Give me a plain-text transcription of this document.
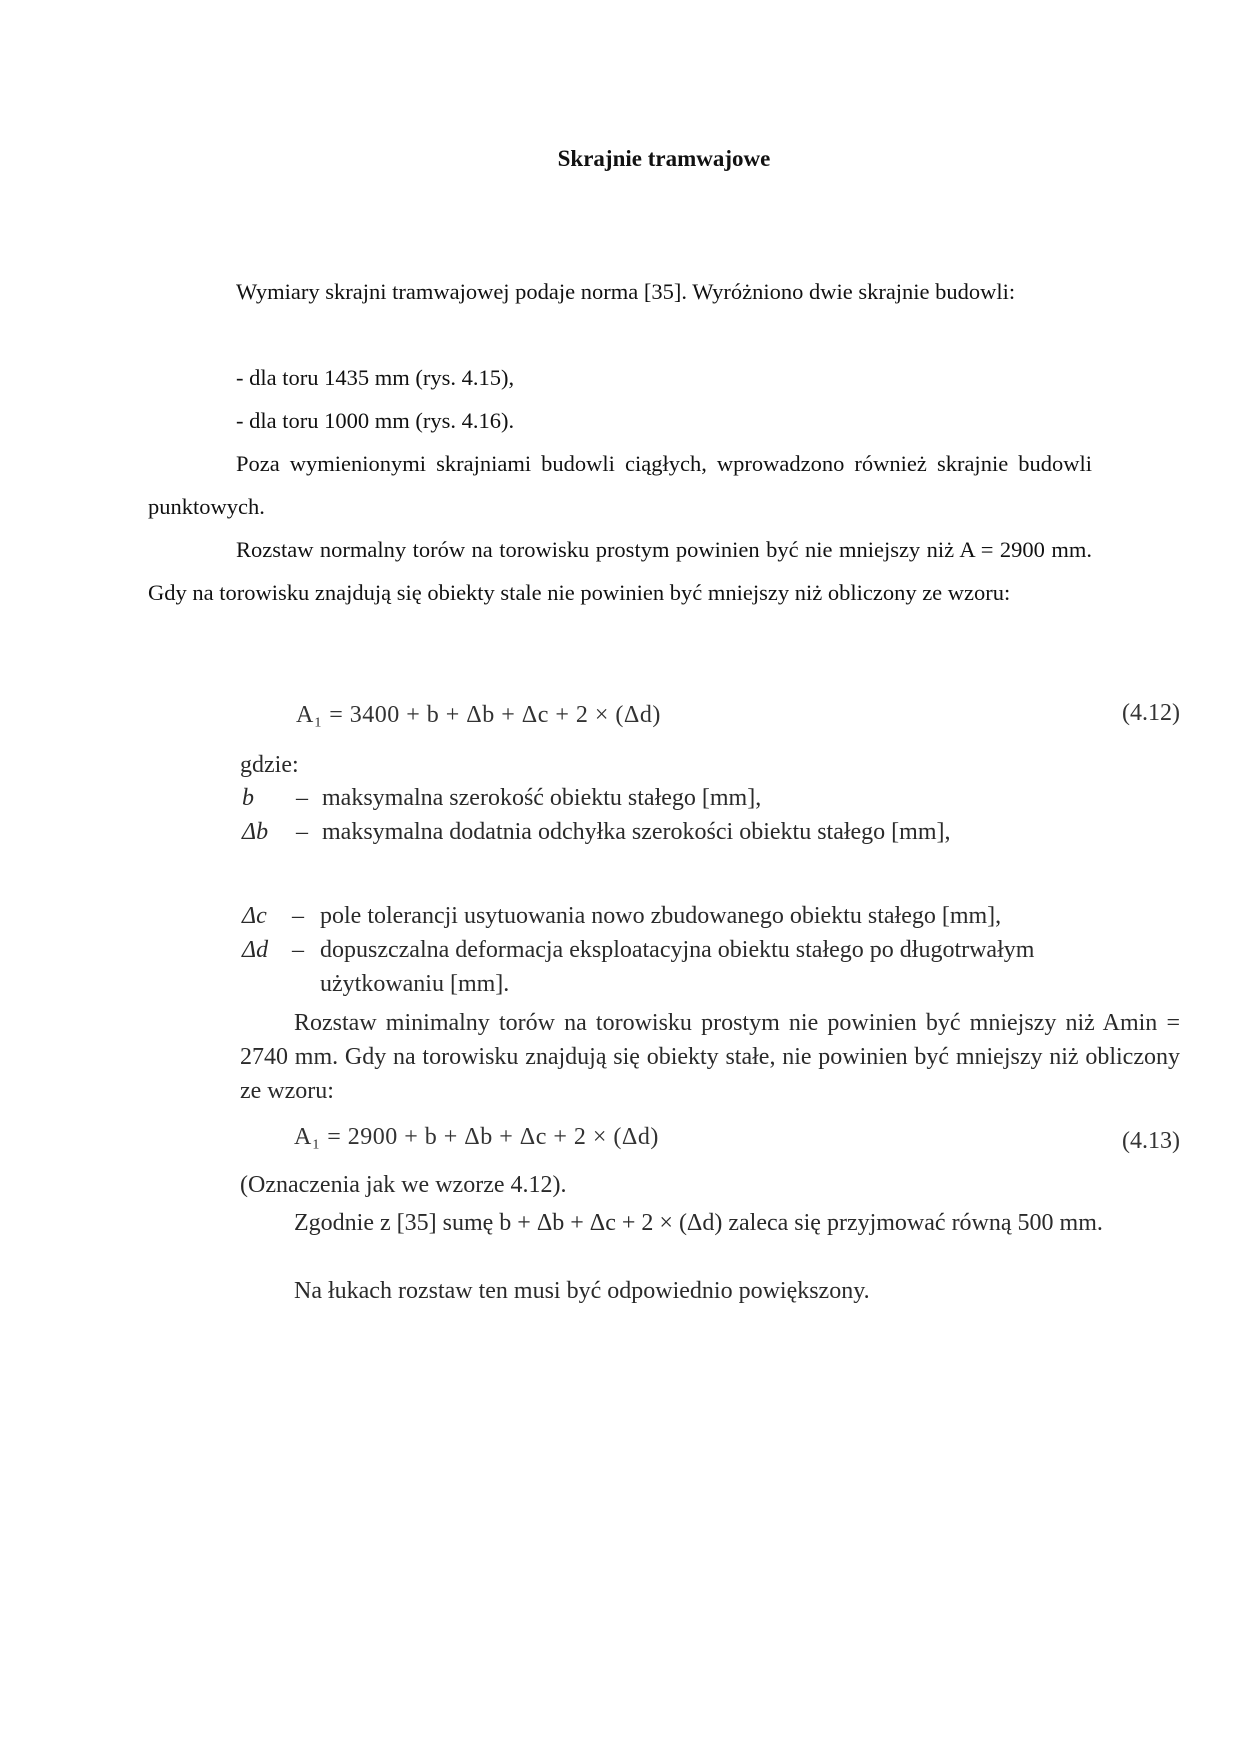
Skrajnie tramwajowe

Wymiary skrajni tramwajowej podaje norma [35]. Wyróżniono dwie skrajnie budowli:

- dla toru 1435 mm (rys. 4.15),

- dla toru 1000 mm (rys. 4.16).

Poza wymienionymi skrajniami budowli ciągłych, wprowadzono również skrajnie budowli punktowych.

Rozstaw normalny torów na torowisku prostym powinien być nie mniejszy niż A = 2900 mm. Gdy na torowisku znajdują się obiekty stale nie powinien być mniejszy niż obliczony ze wzoru:

A₁ = 3400 + b + Δb + Δc + 2 × (Δd)	(4.12)
gdzie:
b – maksymalna szerokość obiektu stałego [mm],
Δb – maksymalna dodatnia odchyłka szerokości obiektu stałego [mm],
Δc – pole tolerancji usytuowania nowo zbudowanego obiektu stałego [mm],
Δd – dopuszczalna deformacja eksploatacyjna obiektu stałego po długotrwałym
użytkowaniu [mm].

Rozstaw minimalny torów na torowisku prostym nie powinien być mniejszy niż Amin = 2740 mm. Gdy na torowisku znajdują się obiekty stałe, nie powinien być mniejszy niż obliczony ze wzoru:

A₁ = 2900 + b + Δb + Δc + 2 × (Δd)	(4.13)
(Oznaczenia jak we wzorze 4.12).

Zgodnie z [35] sumę b + Δb + Δc + 2 × (Δd) zaleca się przyjmować równą 500 mm.

Na łukach rozstaw ten musi być odpowiednio powiększony.
